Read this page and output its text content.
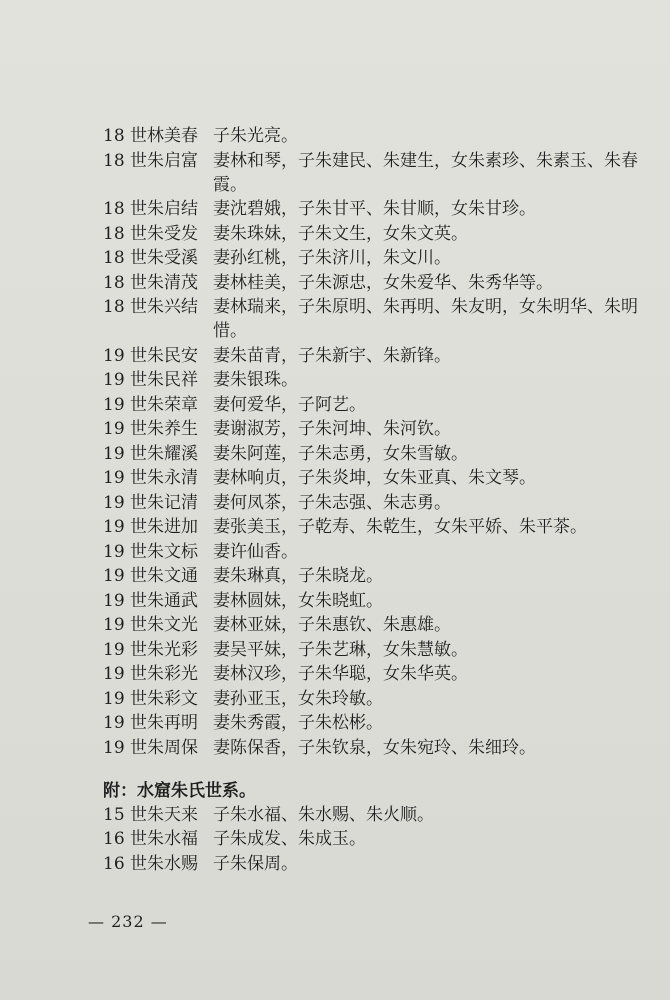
18 世林美春 子朱光亮。
18 世朱启富 妻林和琴，子朱建民、朱建生，女朱素珍、朱素玉、朱春霞。
18 世朱启结 妻沈碧娥，子朱甘平、朱甘顺，女朱甘珍。
18 世朱受发 妻朱珠妹，子朱文生，女朱文英。
18 世朱受溪 妻孙红桃，子朱济川，朱文川。
18 世朱清茂 妻林桂美，子朱源忠，女朱爱华、朱秀华等。
18 世朱兴结 妻林瑞来，子朱原明、朱再明、朱友明，女朱明华、朱明惜。
19 世朱民安 妻朱苗青，子朱新宇、朱新锋。
19 世朱民祥 妻朱银珠。
19 世朱荣章 妻何爱华，子阿艺。
19 世朱养生 妻谢淑芳，子朱河坤、朱河钦。
19 世朱耀溪 妻朱阿莲，子朱志勇，女朱雪敏。
19 世朱永清 妻林响贞，子朱炎坤，女朱亚真、朱文琴。
19 世朱记清 妻何凤茶，子朱志强、朱志勇。
19 世朱进加 妻张美玉，子乾寿、朱乾生，女朱平娇、朱平茶。
19 世朱文标 妻许仙香。
19 世朱文通 妻朱琳真，子朱晓龙。
19 世朱通武 妻林圆妹，女朱晓虹。
19 世朱文光 妻林亚妹，子朱惠钦、朱惠雄。
19 世朱光彩 妻吴平妹，子朱艺琳，女朱慧敏。
19 世朱彩光 妻林汉珍，子朱华聪，女朱华英。
19 世朱彩文 妻孙亚玉，女朱玲敏。
19 世朱再明 妻朱秀霞，子朱松彬。
19 世朱周保 妻陈保香，子朱钦泉，女朱宛玲、朱细玲。
附：水窟朱氏世系。
15 世朱天来 子朱水福、朱水赐、朱火顺。
16 世朱水福 子朱成发、朱成玉。
16 世朱水赐 子朱保周。
— 232 —
